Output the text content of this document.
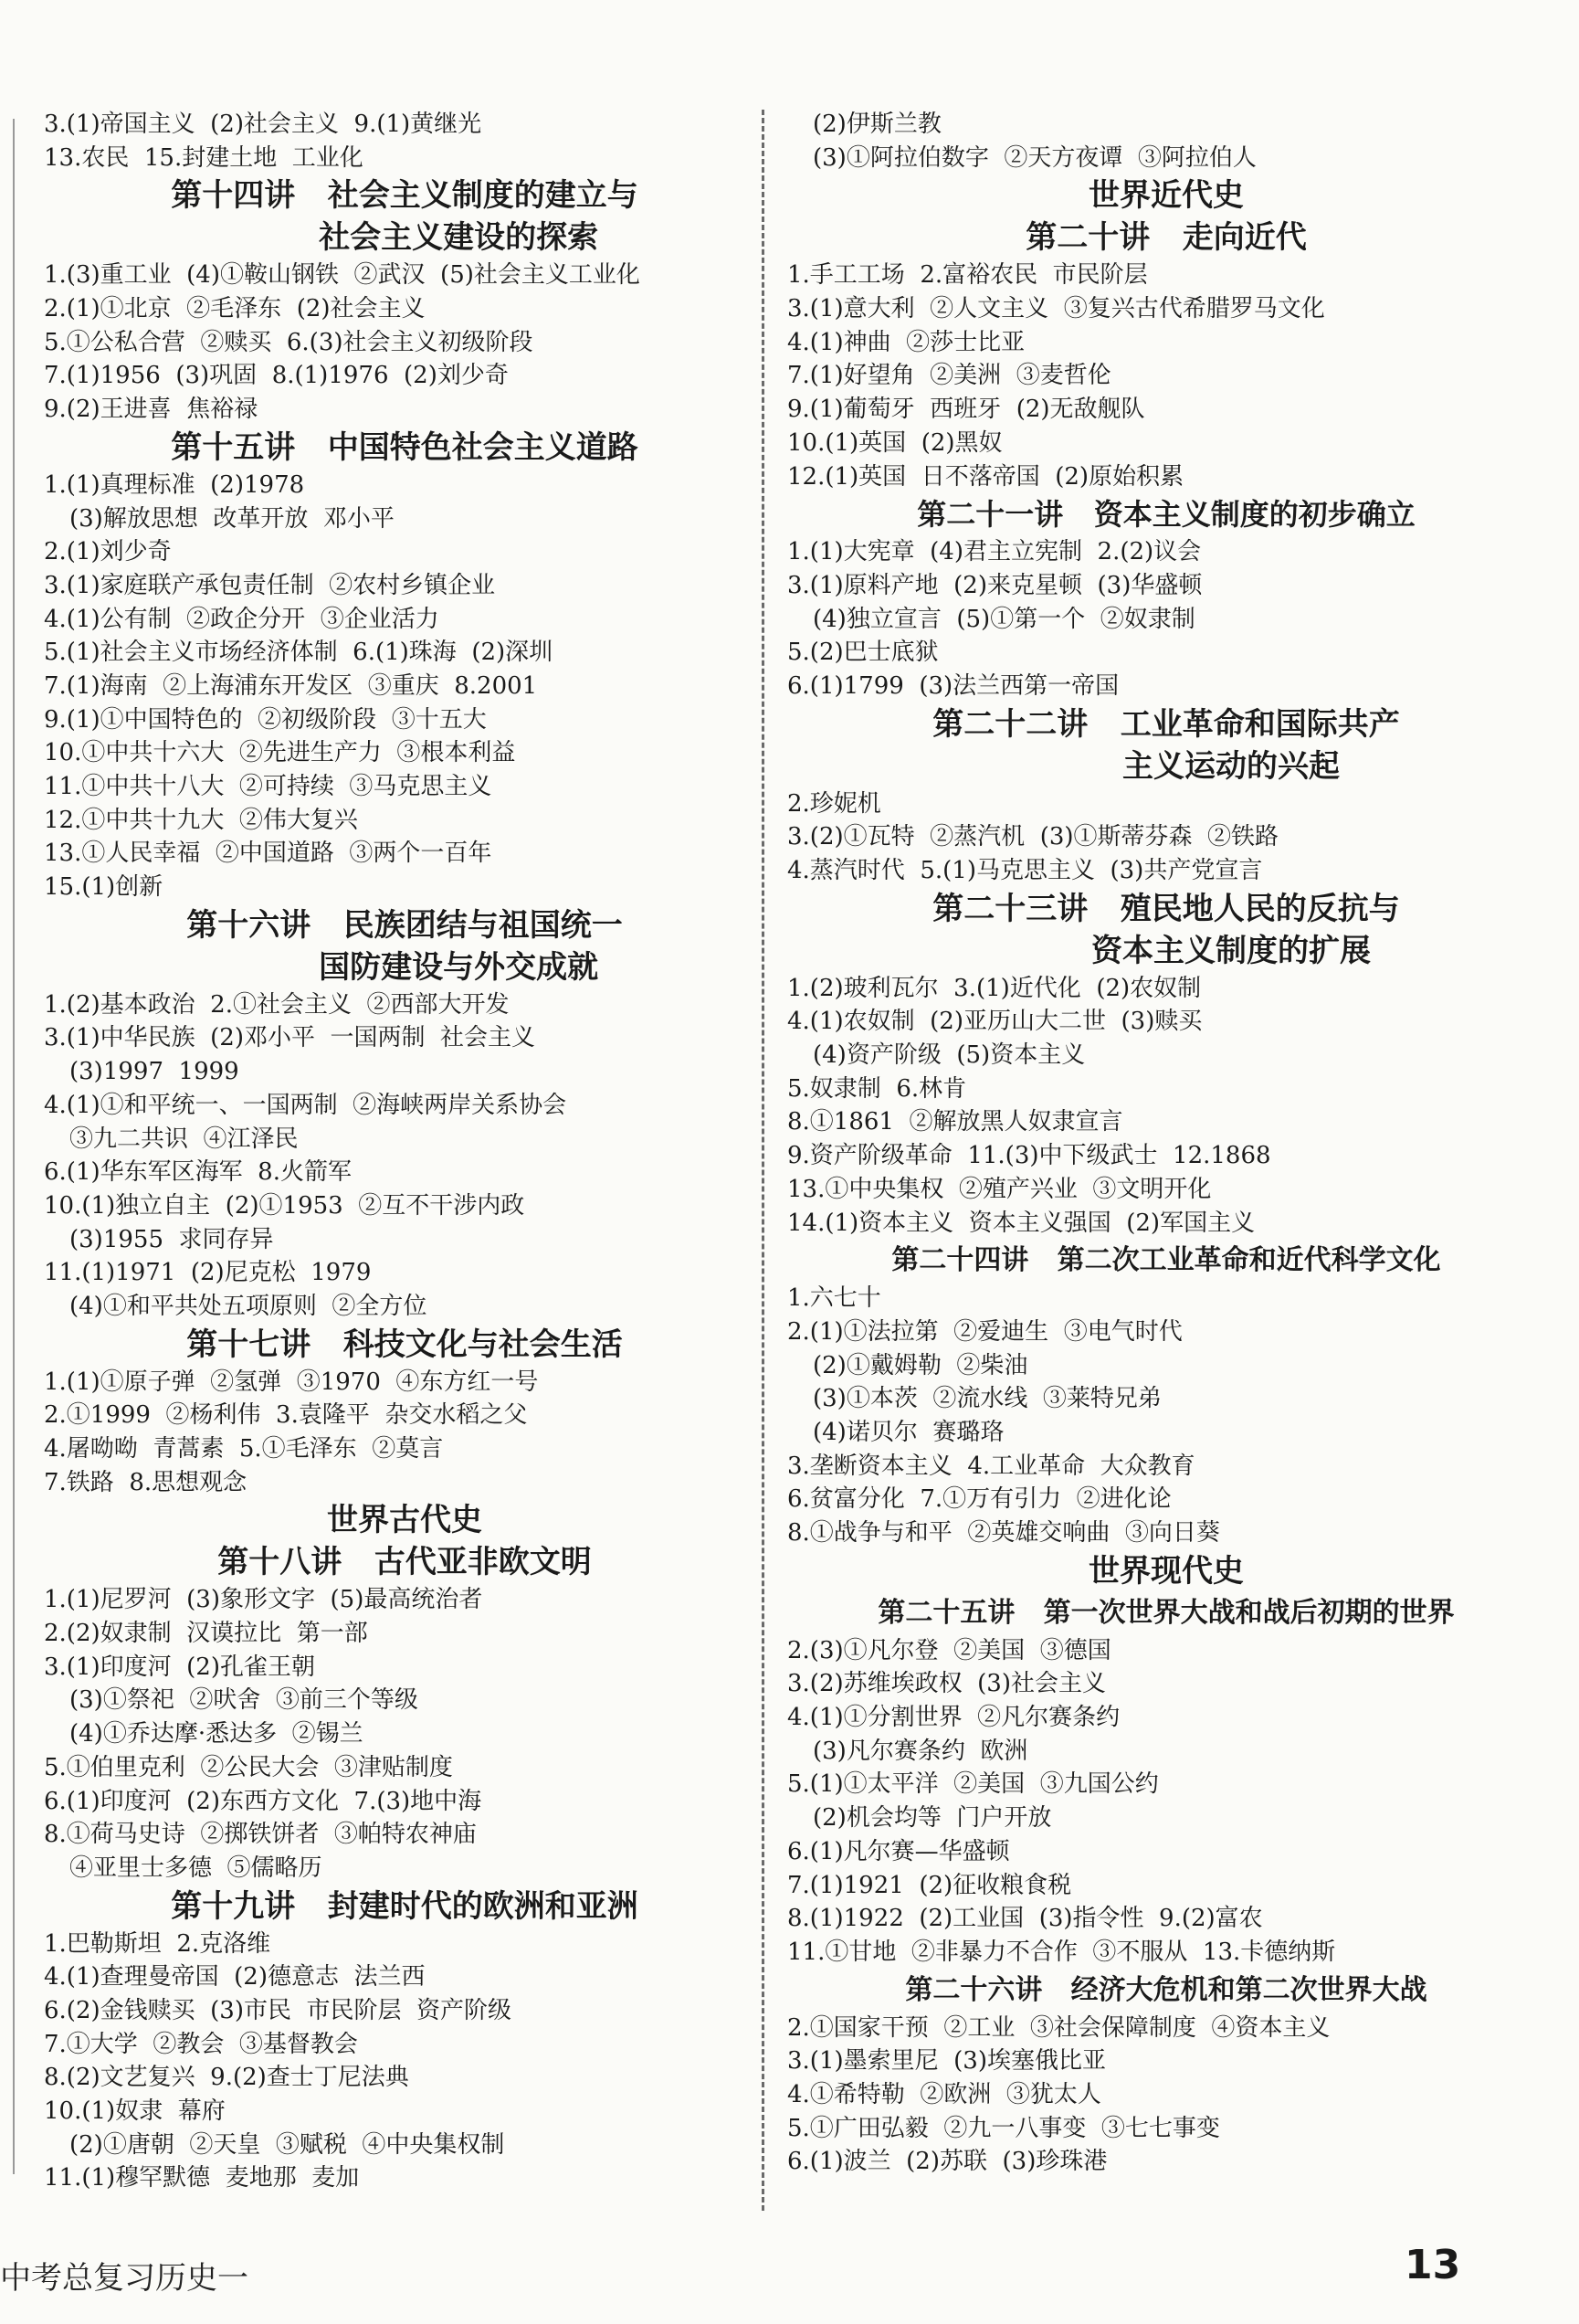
3.(1)帝国主义  (2)社会主义  9.(1)黄继光
13.农民  15.封建土地  工业化
第十四讲   社会主义制度的建立与
社会主义建设的探索
1.(3)重工业  (4)①鞍山钢铁  ②武汉  (5)社会主义工业化
2.(1)①北京  ②毛泽东  (2)社会主义
5.①公私合营  ②赎买  6.(3)社会主义初级阶段
7.(1)1956  (3)巩固  8.(1)1976  (2)刘少奇
9.(2)王进喜  焦裕禄
第十五讲   中国特色社会主义道路
1.(1)真理标准  (2)1978
(3)解放思想  改革开放  邓小平
2.(1)刘少奇
3.(1)家庭联产承包责任制  ②农村乡镇企业
4.(1)公有制  ②政企分开  ③企业活力
5.(1)社会主义市场经济体制  6.(1)珠海  (2)深圳
7.(1)海南  ②上海浦东开发区  ③重庆  8.2001
9.(1)①中国特色的  ②初级阶段  ③十五大
10.①中共十六大  ②先进生产力  ③根本利益
11.①中共十八大  ②可持续  ③马克思主义
12.①中共十九大  ②伟大复兴
13.①人民幸福  ②中国道路  ③两个一百年
15.(1)创新
第十六讲   民族团结与祖国统一
国防建设与外交成就
1.(2)基本政治  2.①社会主义  ②西部大开发
3.(1)中华民族  (2)邓小平  一国两制  社会主义
(3)1997  1999
4.(1)①和平统一、一国两制  ②海峡两岸关系协会
③九二共识  ④江泽民
6.(1)华东军区海军  8.火箭军
10.(1)独立自主  (2)①1953  ②互不干涉内政
(3)1955  求同存异
11.(1)1971  (2)尼克松  1979
(4)①和平共处五项原则  ②全方位
第十七讲   科技文化与社会生活
1.(1)①原子弹  ②氢弹  ③1970  ④东方红一号
2.①1999  ②杨利伟  3.袁隆平  杂交水稻之父
4.屠呦呦  青蒿素  5.①毛泽东  ②莫言
7.铁路  8.思想观念
世界古代史
第十八讲   古代亚非欧文明
1.(1)尼罗河  (3)象形文字  (5)最高统治者
2.(2)奴隶制  汉谟拉比  第一部
3.(1)印度河  (2)孔雀王朝
(3)①祭祀  ②吠舍  ③前三个等级
(4)①乔达摩·悉达多  ②锡兰
5.①伯里克利  ②公民大会  ③津贴制度
6.(1)印度河  (2)东西方文化  7.(3)地中海
8.①荷马史诗  ②掷铁饼者  ③帕特农神庙
④亚里士多德  ⑤儒略历
第十九讲   封建时代的欧洲和亚洲
1.巴勒斯坦  2.克洛维
4.(1)查理曼帝国  (2)德意志  法兰西
6.(2)金钱赎买  (3)市民  市民阶层  资产阶级
7.①大学  ②教会  ③基督教会
8.(2)文艺复兴  9.(2)查士丁尼法典
10.(1)奴隶  幕府
(2)①唐朝  ②天皇  ③赋税  ④中央集权制
11.(1)穆罕默德  麦地那  麦加
(2)伊斯兰教
(3)①阿拉伯数字  ②天方夜谭  ③阿拉伯人
世界近代史
第二十讲   走向近代
1.手工工场  2.富裕农民  市民阶层
3.(1)意大利  ②人文主义  ③复兴古代希腊罗马文化
4.(1)神曲  ②莎士比亚
7.(1)好望角  ②美洲  ③麦哲伦
9.(1)葡萄牙  西班牙  (2)无敌舰队
10.(1)英国  (2)黑奴
12.(1)英国  日不落帝国  (2)原始积累
第二十一讲   资本主义制度的初步确立
1.(1)大宪章  (4)君主立宪制  2.(2)议会
3.(1)原料产地  (2)来克星顿  (3)华盛顿
(4)独立宣言  (5)①第一个  ②奴隶制
5.(2)巴士底狱
6.(1)1799  (3)法兰西第一帝国
第二十二讲   工业革命和国际共产
主义运动的兴起
2.珍妮机
3.(2)①瓦特  ②蒸汽机  (3)①斯蒂芬森  ②铁路
4.蒸汽时代  5.(1)马克思主义  (3)共产党宣言
第二十三讲   殖民地人民的反抗与
资本主义制度的扩展
1.(2)玻利瓦尔  3.(1)近代化  (2)农奴制
4.(1)农奴制  (2)亚历山大二世  (3)赎买
(4)资产阶级  (5)资本主义
5.奴隶制  6.林肯
8.①1861  ②解放黑人奴隶宣言
9.资产阶级革命  11.(3)中下级武士  12.1868
13.①中央集权  ②殖产兴业  ③文明开化
14.(1)资本主义  资本主义强国  (2)军国主义
第二十四讲   第二次工业革命和近代科学文化
1.六七十
2.(1)①法拉第  ②爱迪生  ③电气时代
(2)①戴姆勒  ②柴油
(3)①本茨  ②流水线  ③莱特兄弟
(4)诺贝尔  赛璐珞
3.垄断资本主义  4.工业革命  大众教育
6.贫富分化  7.①万有引力  ②进化论
8.①战争与和平  ②英雄交响曲  ③向日葵
世界现代史
第二十五讲   第一次世界大战和战后初期的世界
2.(3)①凡尔登  ②美国  ③德国
3.(2)苏维埃政权  (3)社会主义
4.(1)①分割世界  ②凡尔赛条约
(3)凡尔赛条约  欧洲
5.(1)①太平洋  ②美国  ③九国公约
(2)机会均等  门户开放
6.(1)凡尔赛—华盛顿
7.(1)1921  (2)征收粮食税
8.(1)1922  (2)工业国  (3)指令性  9.(2)富农
11.①甘地  ②非暴力不合作  ③不服从  13.卡德纳斯
第二十六讲   经济大危机和第二次世界大战
2.①国家干预  ②工业  ③社会保障制度  ④资本主义
3.(1)墨索里尼  (3)埃塞俄比亚
4.①希特勒  ②欧洲  ③犹太人
5.①广田弘毅  ②九一八事变  ③七七事变
6.(1)波兰  (2)苏联  (3)珍珠港
中考总复习历史一	13
